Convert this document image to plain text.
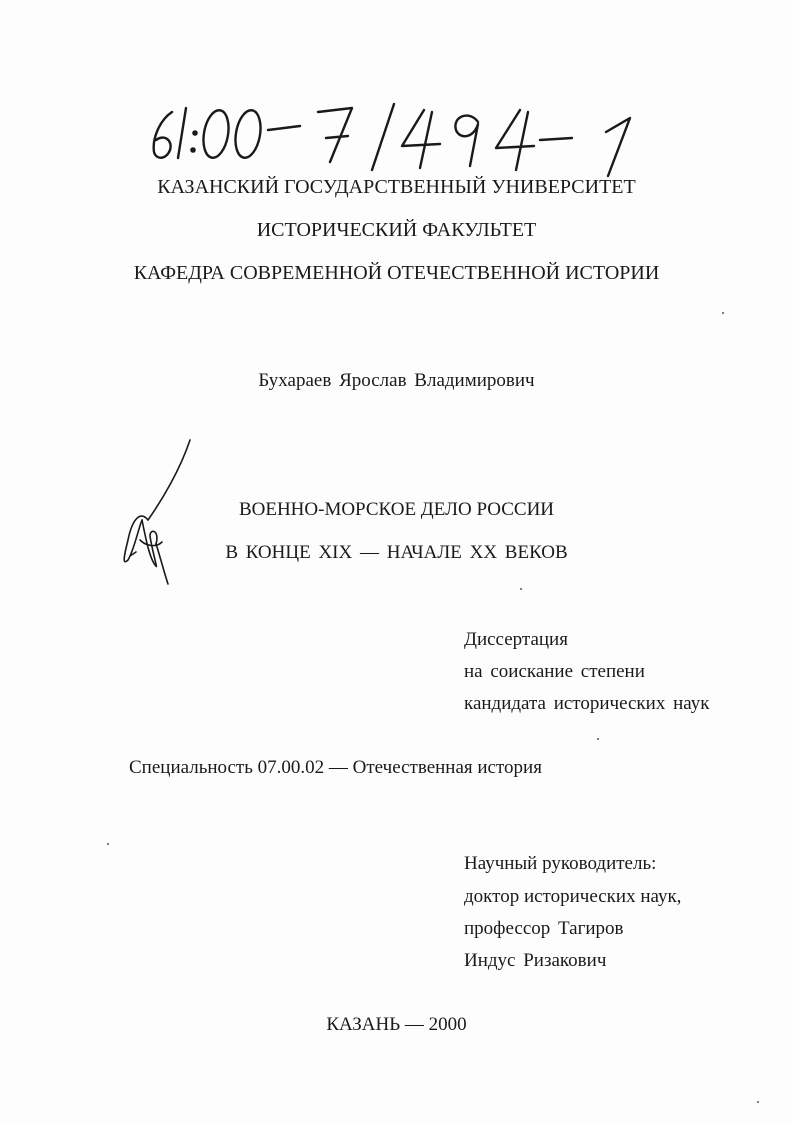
КАЗАНСКИЙ ГОСУДАРСТВЕННЫЙ УНИВЕРСИТЕТ
ИСТОРИЧЕСКИЙ ФАКУЛЬТЕТ
КАФЕДРА СОВРЕМЕННОЙ ОТЕЧЕСТВЕННОЙ ИСТОРИИ
Бухараев Ярослав Владимирович
ВОЕННО-МОРСКОЕ ДЕЛО РОССИИ
В КОНЦЕ XIX — НАЧАЛЕ XX ВЕКОВ
Диссертация
на соискание степени
кандидата исторических наук
Специальность 07.00.02 — Отечественная история
Научный руководитель:
доктор исторических наук,
профессор Тагиров
Индус Ризакович
КАЗАНЬ — 2000
